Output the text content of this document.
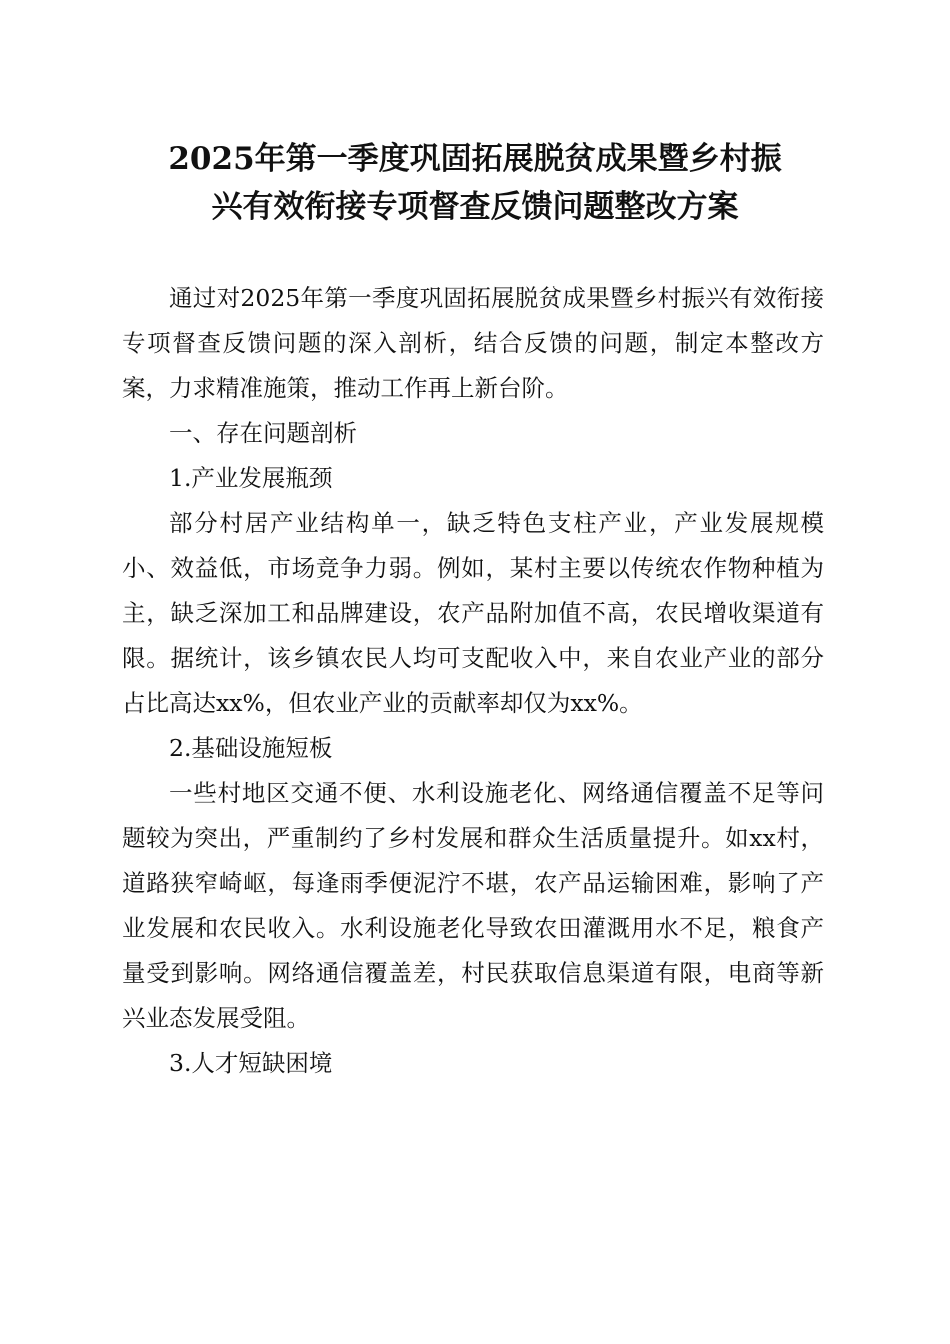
2025年第一季度巩固拓展脱贫成果暨乡村振
兴有效衔接专项督查反馈问题整改方案

通过对2025年第一季度巩固拓展脱贫成果暨乡村振兴有效衔接专项督查反馈问题的深入剖析，结合反馈的问题，制定本整改方案，力求精准施策，推动工作再上新台阶。

一、存在问题剖析

1.产业发展瓶颈

部分村居产业结构单一，缺乏特色支柱产业，产业发展规模小、效益低，市场竞争力弱。例如，某村主要以传统农作物种植为主，缺乏深加工和品牌建设，农产品附加值不高，农民增收渠道有限。据统计，该乡镇农民人均可支配收入中，来自农业产业的部分占比高达xx%，但农业产业的贡献率却仅为xx%。

2.基础设施短板

一些村地区交通不便、水利设施老化、网络通信覆盖不足等问题较为突出，严重制约了乡村发展和群众生活质量提升。如xx村，道路狭窄崎岖，每逢雨季便泥泞不堪，农产品运输困难，影响了产业发展和农民收入。水利设施老化导致农田灌溉用水不足，粮食产量受到影响。网络通信覆盖差，村民获取信息渠道有限，电商等新兴业态发展受阻。

3.人才短缺困境
